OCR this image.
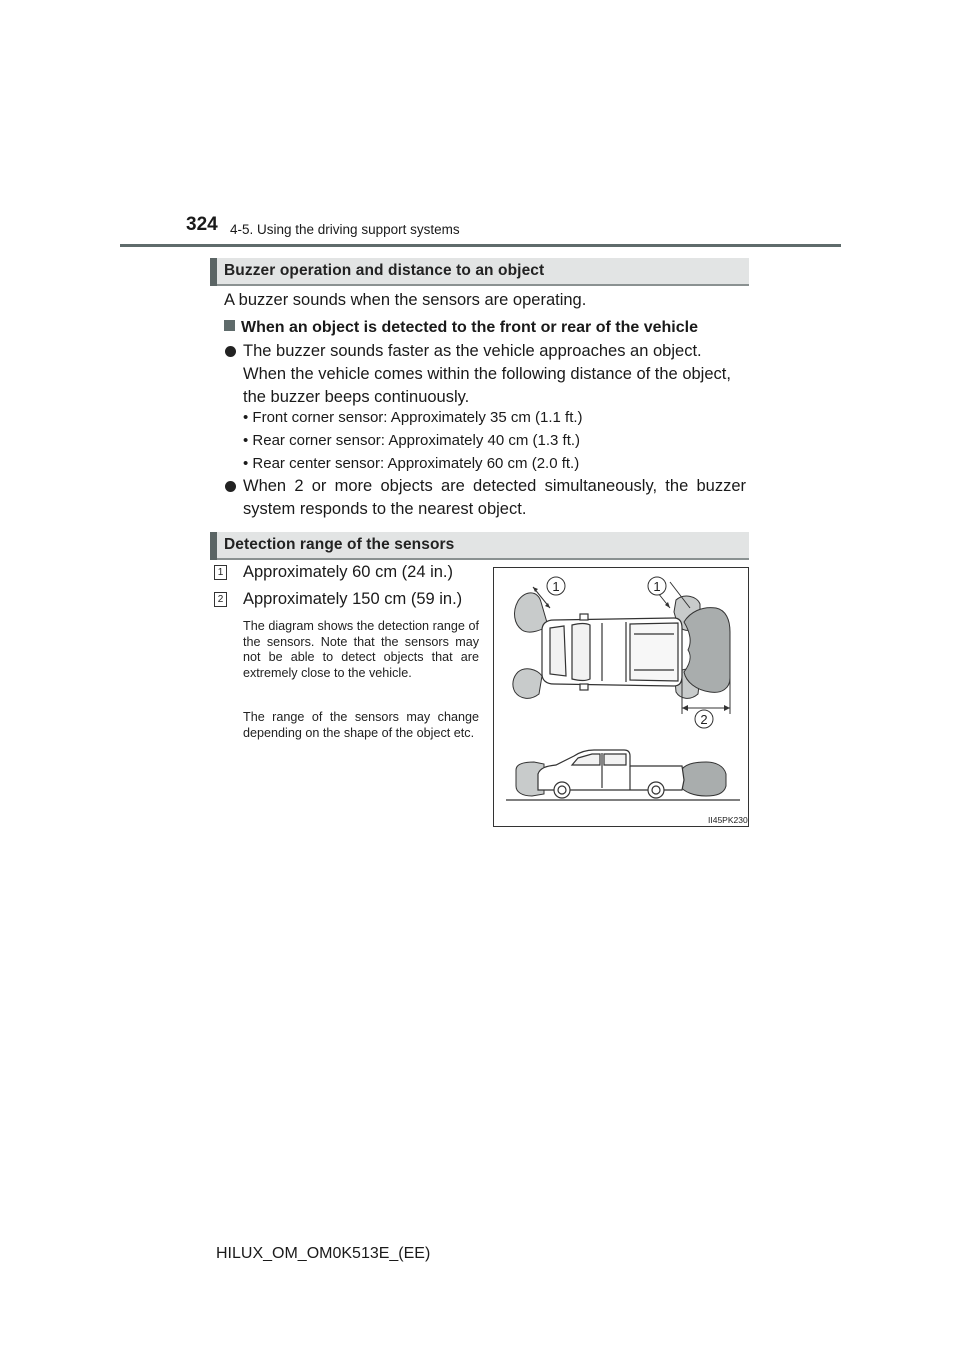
324 4-5. Using the driving support systems
Buzzer operation and distance to an object
A buzzer sounds when the sensors are operating.
When an object is detected to the front or rear of the vehicle
The buzzer sounds faster as the vehicle approaches an object. When the vehicle comes within the following distance of the object, the buzzer beeps continuously.
• Front corner sensor: Approximately 35 cm (1.1 ft.)
• Rear corner sensor: Approximately 40 cm (1.3 ft.)
• Rear center sensor: Approximately 60 cm (2.0 ft.)
When 2 or more objects are detected simultaneously, the buzzer system responds to the nearest object.
Detection range of the sensors
1 Approximately 60 cm (24 in.)
2 Approximately 150 cm (59 in.)
The diagram shows the detection range of the sensors. Note that the sensors may not be able to detect objects that are extremely close to the vehicle.
The range of the sensors may change depending on the shape of the object etc.
1	1
2
II45PK230
HILUX_OM_OM0K513E_(EE)
